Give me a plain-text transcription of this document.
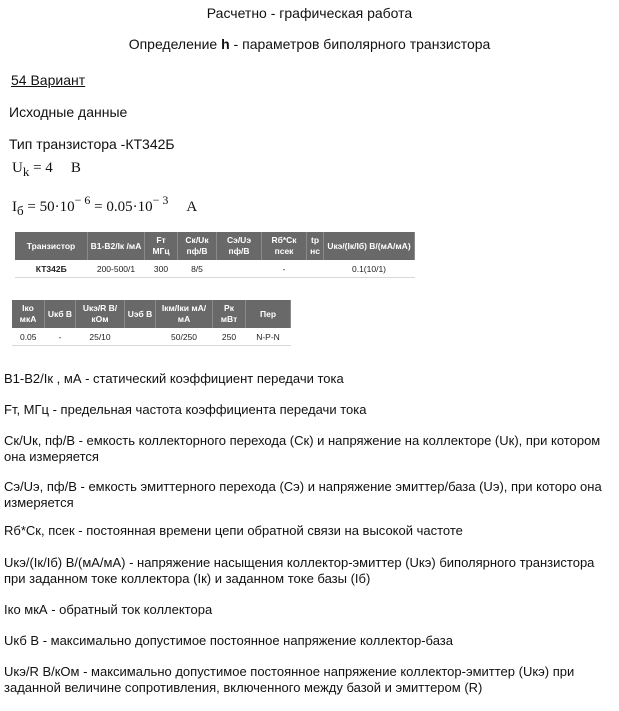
Расчетно - графическая работа
Определение h - параметров биполярного транзистора
54 Вариант
Исходные данные
Тип транзистора -КТ342Б
$U_k = 4$ B
$I_б = 50\cdot 10^{- 6} = 0.05\cdot 10^{- 3}$ A
Транзистор	В1-В2/Iк /мА	Fт МГц	Ск/Uк пф/В	Сэ/Uэ пф/В	Rб*Ск псек	tр нс	Uкэ/(Iк/Iб) В/(мА/мА)
КТ342Б	200-500/1	300	8/5		-		0.1(10/1)
Iко мкА	Uкб В	Uкэ/R В/кОм	Uэб В	Iкм/Iки мА/мА	Рк мВт	Пер
0.05	-	25/10		50/250	250	N-P-N
В1-В2/Iк , мА - статический коэффициент передачи тока
Fт, МГц - предельная частота коэффициента передачи тока
Ск/Uк, пф/В - емкость коллекторного перехода (Ск) и напряжение на коллекторе (Uк), при котором она измеряется
Сэ/Uэ, пф/В - емкость эмиттерного перехода (Сэ) и напряжение эмиттер/база (Uэ), при которо она измеряется
Rб*Ск, псек - постоянная времени цепи обратной связи на высокой частоте
Uкэ/(Iк/Iб) В/(мА/мА) - напряжение насыщения коллектор-эмиттер (Uкэ) биполярного транзистора при заданном токе коллектора (Iк) и заданном токе базы (Iб)
Iко мкА - обратный ток коллектора
Uкб В - максимально допустимое постоянное напряжение коллектор-база
Uкэ/R В/кОм - максимально допустимое постоянное напряжение коллектор-эмиттер (Uкэ) при заданной величине сопротивления, включенного между базой и эмиттером (R)
